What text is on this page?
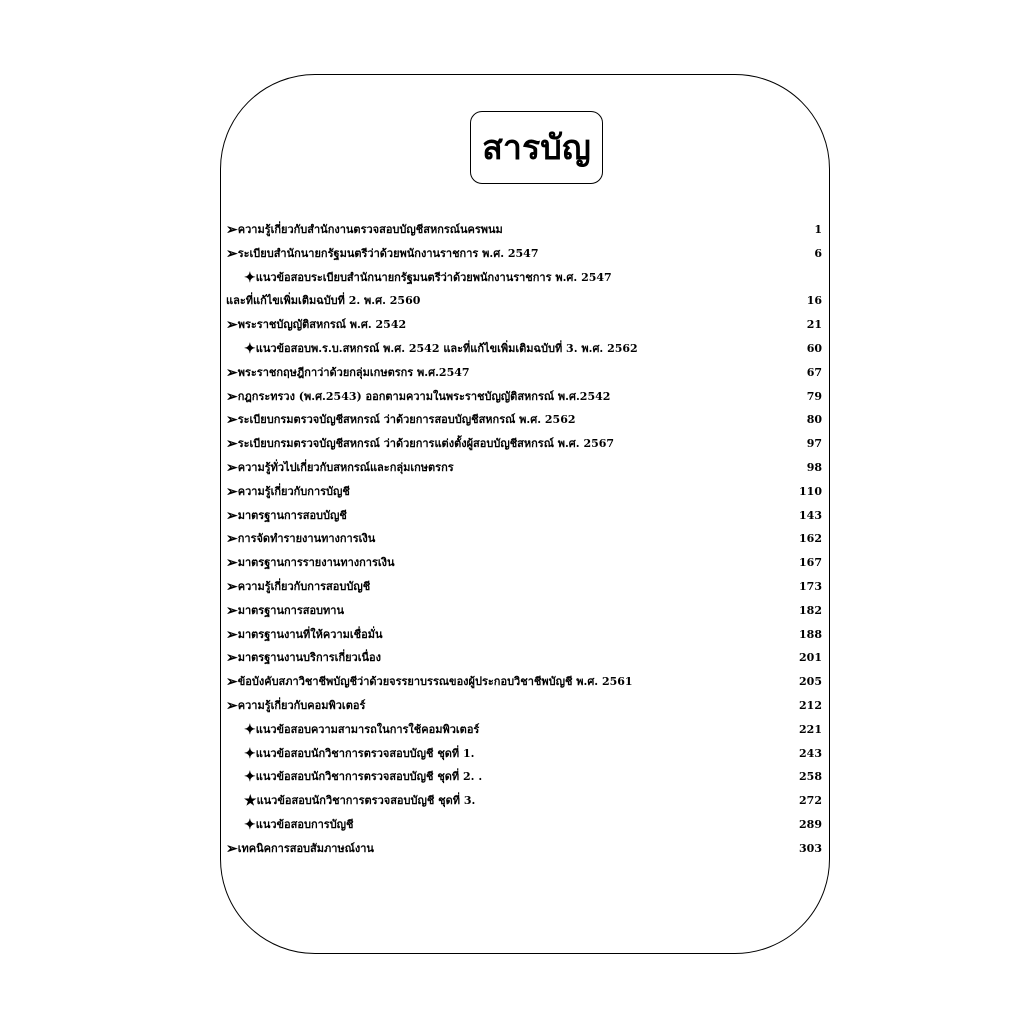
สารบัญ
➢ความรู้เกี่ยวกับสำนักงานตรวจสอบบัญชีสหกรณ์นครพนม	1
➢ระเบียบสำนักนายกรัฐมนตรีว่าด้วยพนักงานราชการ พ.ศ. 2547	6
✦แนวข้อสอบระเบียบสำนักนายกรัฐมนตรีว่าด้วยพนักงานราชการ พ.ศ. 2547
และที่แก้ไขเพิ่มเติมฉบับที่ 2. พ.ศ. 2560	16
➢พระราชบัญญัติสหกรณ์ พ.ศ. 2542	21
✦แนวข้อสอบพ.ร.บ.สหกรณ์ พ.ศ. 2542 และที่แก้ไขเพิ่มเติมฉบับที่ 3. พ.ศ. 2562	60
➢พระราชกฤษฎีกาว่าด้วยกลุ่มเกษตรกร พ.ศ.2547	67
➢กฎกระทรวง (พ.ศ.2543) ออกตามความในพระราชบัญญัติสหกรณ์ พ.ศ.2542	79
➢ระเบียบกรมตรวจบัญชีสหกรณ์ ว่าด้วยการสอบบัญชีสหกรณ์ พ.ศ. 2562	80
➢ระเบียบกรมตรวจบัญชีสหกรณ์ ว่าด้วยการแต่งตั้งผู้สอบบัญชีสหกรณ์ พ.ศ. 2567	97
➢ความรู้ทั่วไปเกี่ยวกับสหกรณ์และกลุ่มเกษตรกร	98
➢ความรู้เกี่ยวกับการบัญชี	110
➢มาตรฐานการสอบบัญชี	143
➢การจัดทำรายงานทางการเงิน	162
➢มาตรฐานการรายงานทางการเงิน	167
➢ความรู้เกี่ยวกับการสอบบัญชี	173
➢มาตรฐานการสอบทาน	182
➢มาตรฐานงานที่ให้ความเชื่อมั่น	188
➢มาตรฐานงานบริการเกี่ยวเนื่อง	201
➢ข้อบังคับสภาวิชาชีพบัญชีว่าด้วยจรรยาบรรณของผู้ประกอบวิชาชีพบัญชี พ.ศ. 2561	205
➢ความรู้เกี่ยวกับคอมพิวเตอร์	212
✦แนวข้อสอบความสามารถในการใช้คอมพิวเตอร์	221
✦แนวข้อสอบนักวิชาการตรวจสอบบัญชี ชุดที่ 1.	243
✦แนวข้อสอบนักวิชาการตรวจสอบบัญชี ชุดที่ 2. .	258
★แนวข้อสอบนักวิชาการตรวจสอบบัญชี ชุดที่ 3.	272
✦แนวข้อสอบการบัญชี	289
➢เทคนิคการสอบสัมภาษณ์งาน	303
